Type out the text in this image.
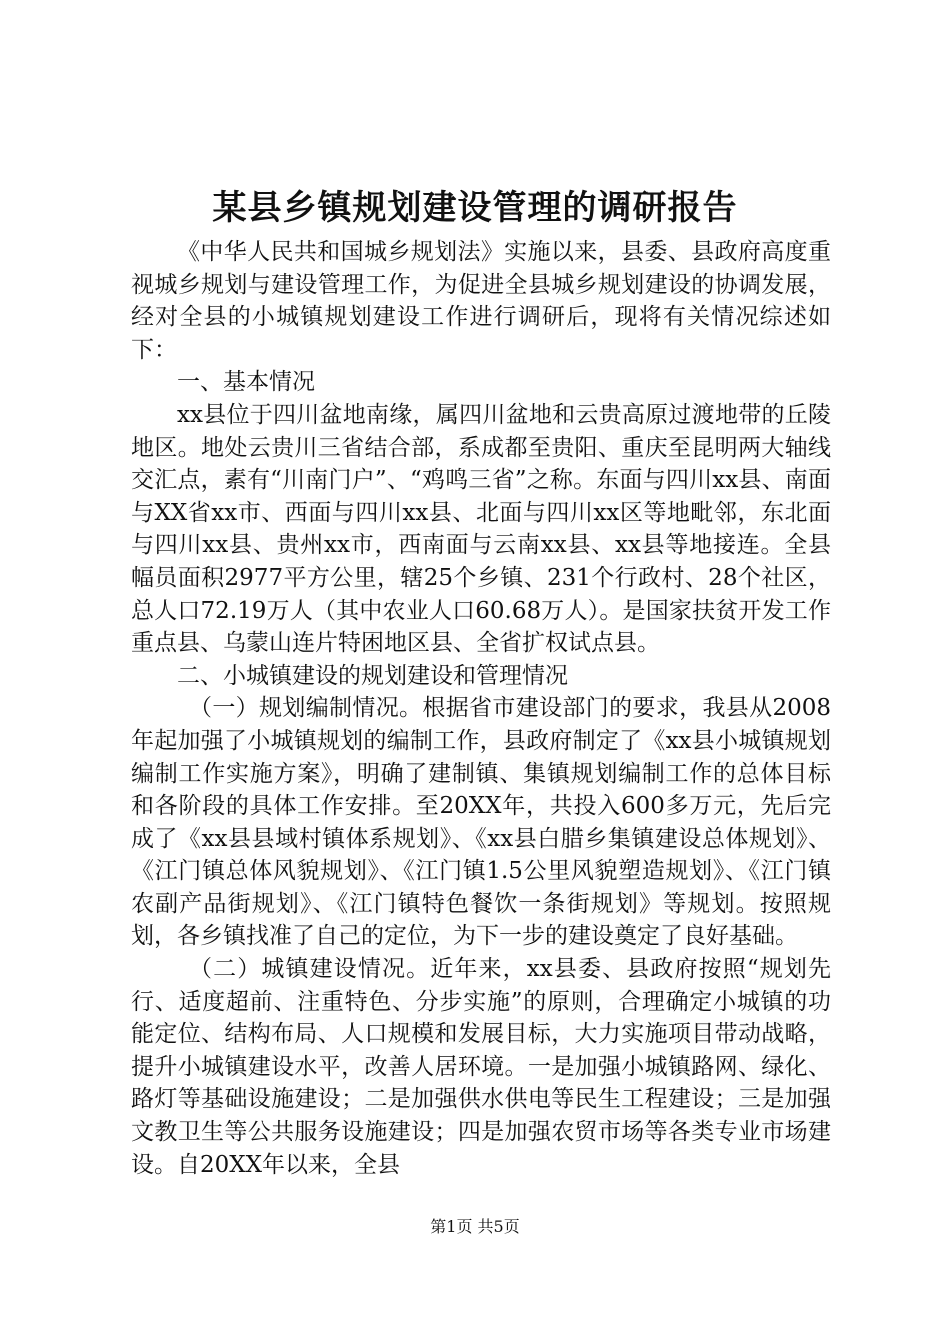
某县乡镇规划建设管理的调研报告

《中华人民共和国城乡规划法》实施以来，县委、县政府高度重视城乡规划与建设管理工作，为促进全县城乡规划建设的协调发展，经对全县的小城镇规划建设工作进行调研后，现将有关情况综述如下：

一、基本情况

xx县位于四川盆地南缘，属四川盆地和云贵高原过渡地带的丘陵地区。地处云贵川三省结合部，系成都至贵阳、重庆至昆明两大轴线交汇点，素有“川南门户”、“鸡鸣三省”之称。东面与四川xx县、南面与XX省xx市、西面与四川xx县、北面与四川xx区等地毗邻，东北面与四川xx县、贵州xx市，西南面与云南xx县、xx县等地接连。全县幅员面积2977平方公里，辖25个乡镇、231个行政村、28个社区，总人口72.19万人（其中农业人口60.68万人）。是国家扶贫开发工作重点县、乌蒙山连片特困地区县、全省扩权试点县。

二、小城镇建设的规划建设和管理情况

（一）规划编制情况。根据省市建设部门的要求，我县从2008年起加强了小城镇规划的编制工作，县政府制定了《xx县小城镇规划编制工作实施方案》，明确了建制镇、集镇规划编制工作的总体目标和各阶段的具体工作安排。至20XX年，共投入600多万元，先后完成了《xx县县域村镇体系规划》、《xx县白腊乡集镇建设总体规划》、《江门镇总体风貌规划》、《江门镇1.5公里风貌塑造规划》、《江门镇农副产品街规划》、《江门镇特色餐饮一条街规划》等规划。按照规划，各乡镇找准了自己的定位，为下一步的建设奠定了良好基础。

（二）城镇建设情况。近年来，xx县委、县政府按照“规划先行、适度超前、注重特色、分步实施”的原则，合理确定小城镇的功能定位、结构布局、人口规模和发展目标，大力实施项目带动战略，提升小城镇建设水平，改善人居环境。一是加强小城镇路网、绿化、路灯等基础设施建设；二是加强供水供电等民生工程建设；三是加强文教卫生等公共服务设施建设；四是加强农贸市场等各类专业市场建设。自20XX年以来，全县

第1页 共5页
